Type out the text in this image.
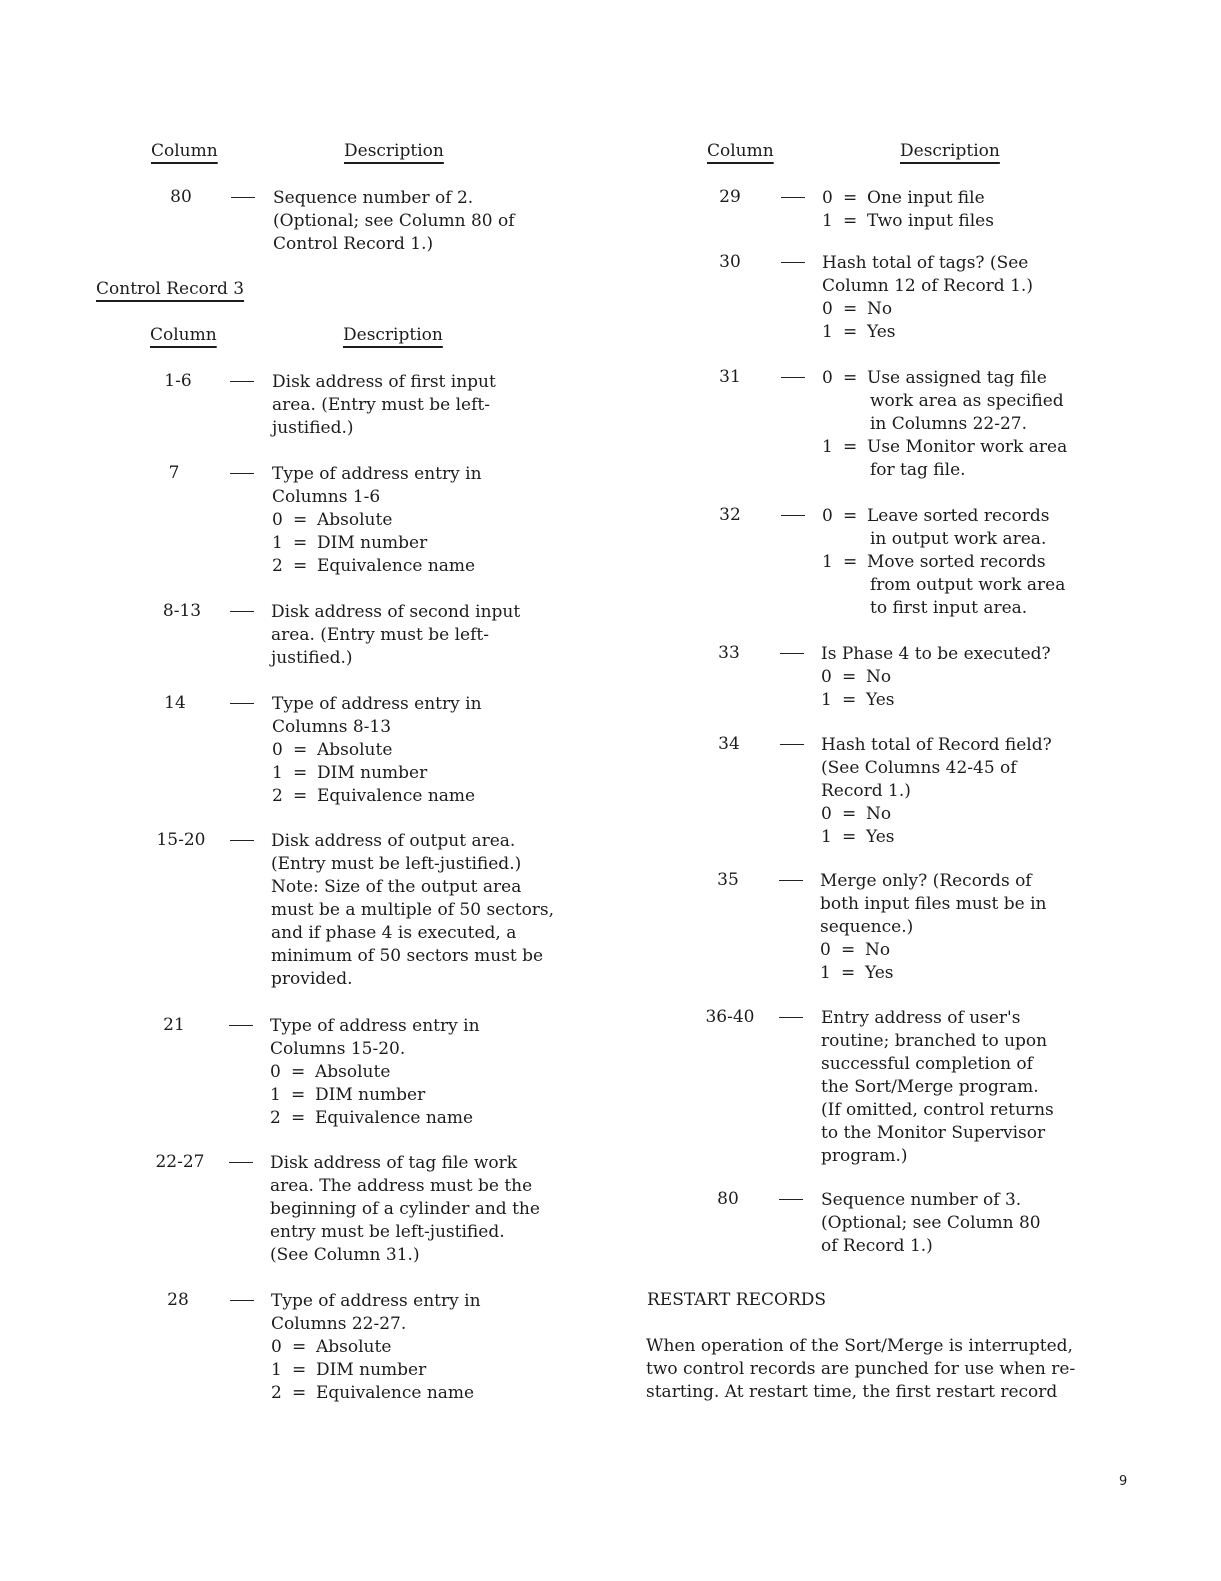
Column	Description
80	Sequence number of 2.
(Optional; see Column 80 of
Control Record 1.)
Control Record 3
Column	Description
1-6	Disk address of first input
area. (Entry must be left-
justified.)
7	Type of address entry in
Columns 1-6
0 = Absolute
1 = DIM number
2 = Equivalence name
8-13	Disk address of second input
area. (Entry must be left-
justified.)
14	Type of address entry in
Columns 8-13
0 = Absolute
1 = DIM number
2 = Equivalence name
15-20	Disk address of output area.
(Entry must be left-justified.)
Note: Size of the output area
must be a multiple of 50 sectors,
and if phase 4 is executed, a
minimum of 50 sectors must be
provided.
21	Type of address entry in
Columns 15-20.
0 = Absolute
1 = DIM number
2 = Equivalence name
22-27	Disk address of tag file work
area. The address must be the
beginning of a cylinder and the
entry must be left-justified.
(See Column 31.)
28	Type of address entry in
Columns 22-27.
0 = Absolute
1 = DIM number
2 = Equivalence name
Column	Description
29	0 = One input file
1 = Two input files
30	Hash total of tags? (See
Column 12 of Record 1.)
0 = No
1 = Yes
31	0 = Use assigned tag file
work area as specified
in Columns 22-27.
1 = Use Monitor work area
for tag file.
32	0 = Leave sorted records
in output work area.
1 = Move sorted records
from output work area
to first input area.
33	Is Phase 4 to be executed?
0 = No
1 = Yes
34	Hash total of Record field?
(See Columns 42-45 of
Record 1.)
0 = No
1 = Yes
35	Merge only? (Records of
both input files must be in
sequence.)
0 = No
1 = Yes
36-40	Entry address of user's
routine; branched to upon
successful completion of
the Sort/Merge program.
(If omitted, control returns
to the Monitor Supervisor
program.)
80	Sequence number of 3.
(Optional; see Column 80
of Record 1.)
RESTART RECORDS
When operation of the Sort/Merge is interrupted,
two control records are punched for use when re-
starting. At restart time, the first restart record
9
